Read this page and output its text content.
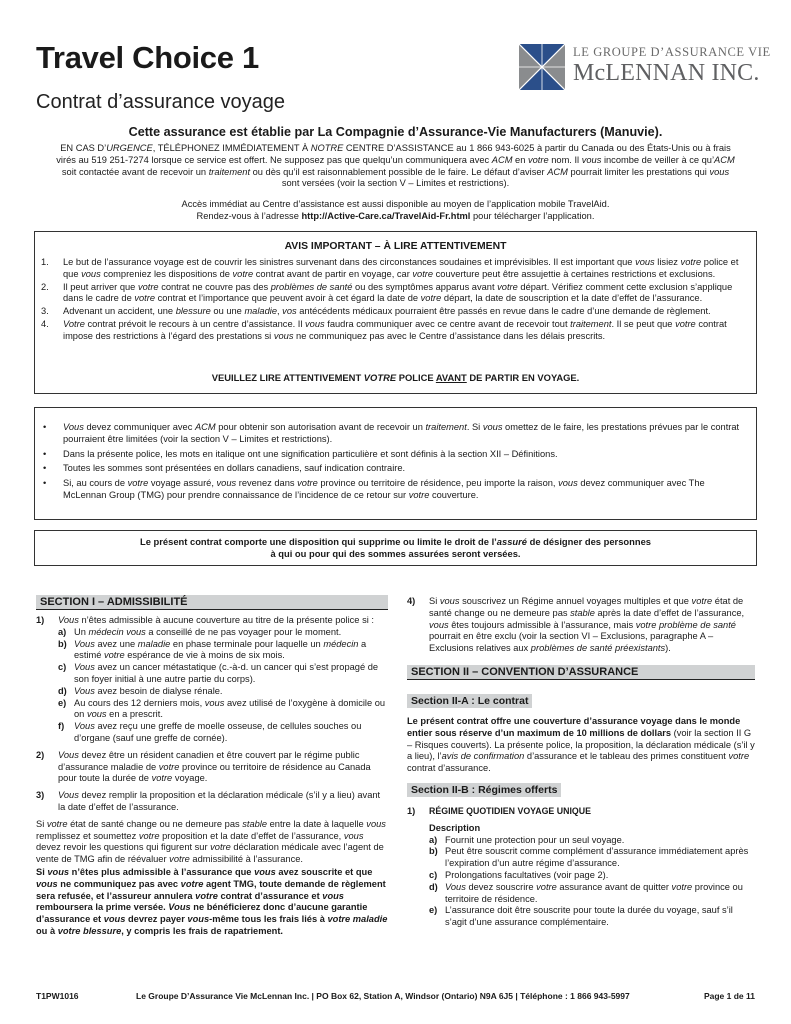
Travel Choice 1
Contrat d’assurance voyage
LE GROUPE D’ASSURANCE VIE
McLENNAN INC.
Cette assurance est établie par La Compagnie d’Assurance-Vie Manufacturers (Manuvie).
EN CAS D’URGENCE, TÉLÉPHONEZ IMMÉDIATEMENT À NOTRE CENTRE D’ASSISTANCE au 1 866 943-6025 à partir du Canada ou des États-Unis ou à frais virés au 519 251-7274 lorsque ce service est offert. Ne supposez pas que quelqu’un communiquera avec ACM en votre nom. Il vous incombe de veiller à ce qu’ACM soit contactée avant de recevoir un traitement ou dès qu’il est raisonnablement possible de le faire. Le défaut d’aviser ACM pourrait limiter les prestations qui vous sont versées (voir la section V – Limites et restrictions).
Accès immédiat au Centre d’assistance est aussi disponible au moyen de l’application mobile TravelAid.
Rendez-vous à l’adresse http://Active-Care.ca/TravelAid-Fr.html pour télécharger l’application.
AVIS IMPORTANT – À LIRE ATTENTIVEMENT
1. Le but de l’assurance voyage est de couvrir les sinistres survenant dans des circonstances soudaines et imprévisibles. Il est important que vous lisiez votre police et que vous compreniez les dispositions de votre contrat avant de partir en voyage, car votre couverture peut être assujettie à certaines restrictions et exclusions.
2. Il peut arriver que votre contrat ne couvre pas des problèmes de santé ou des symptômes apparus avant votre départ. Vérifiez comment cette exclusion s’applique dans le cadre de votre contrat et l’importance que peuvent avoir à cet égard la date de votre départ, la date de souscription et la date d’effet de l’assurance.
3. Advenant un accident, une blessure ou une maladie, vos antécédents médicaux pourraient être passés en revue dans le cadre d’une demande de règlement.
4. Votre contrat prévoit le recours à un centre d’assistance. Il vous faudra communiquer avec ce centre avant de recevoir tout traitement. Il se peut que votre contrat impose des restrictions à l’égard des prestations si vous ne communiquez pas avec le Centre d’assistance dans les délais prescrits.
VEUILLEZ LIRE ATTENTIVEMENT VOTRE POLICE AVANT DE PARTIR EN VOYAGE.
• Vous devez communiquer avec ACM pour obtenir son autorisation avant de recevoir un traitement. Si vous omettez de le faire, les prestations prévues par le contrat pourraient être limitées (voir la section V – Limites et restrictions).
• Dans la présente police, les mots en italique ont une signification particulière et sont définis à la section XII – Définitions.
• Toutes les sommes sont présentées en dollars canadiens, sauf indication contraire.
• Si, au cours de votre voyage assuré, vous revenez dans votre province ou territoire de résidence, peu importe la raison, vous devez communiquer avec The McLennan Group (TMG) pour prendre connaissance de l’incidence de ce retour sur votre couverture.
Le présent contrat comporte une disposition qui supprime ou limite le droit de l’assuré de désigner des personnes
à qui ou pour qui des sommes assurées seront versées.
SECTION I – ADMISSIBILITÉ
1) Vous n’êtes admissible à aucune couverture au titre de la présente police si :
a) Un médecin vous a conseillé de ne pas voyager pour le moment.
b) Vous avez une maladie en phase terminale pour laquelle un médecin a estimé votre espérance de vie à moins de six mois.
c) Vous avez un cancer métastatique (c.-à-d. un cancer qui s’est propagé de son foyer initial à une autre partie du corps).
d) Vous avez besoin de dialyse rénale.
e) Au cours des 12 derniers mois, vous avez utilisé de l’oxygène à domicile ou on vous en a prescrit.
f) Vous avez reçu une greffe de moelle osseuse, de cellules souches ou d’organe (sauf une greffe de cornée).
2) Vous devez être un résident canadien et être couvert par le régime public d’assurance maladie de votre province ou territoire de résidence au Canada pour toute la durée de votre voyage.
3) Vous devez remplir la proposition et la déclaration médicale (s’il y a lieu) avant la date d’effet de l’assurance.
Si votre état de santé change ou ne demeure pas stable entre la date à laquelle vous remplissez et soumettez votre proposition et la date d’effet de l’assurance, vous devez revoir les questions qui figurent sur votre déclaration médicale avec l’agent de vente de TMG afin de réévaluer votre admissibilité à l’assurance.
Si vous n’êtes plus admissible à l’assurance que vous avez souscrite et que vous ne communiquez pas avec votre agent TMG, toute demande de règlement sera refusée, et l’assureur annulera votre contrat d’assurance et vous remboursera la prime versée. Vous ne bénéficierez donc d’aucune garantie d’assurance et vous devrez payer vous-même tous les frais liés à votre maladie ou à votre blessure, y compris les frais de rapatriement.
4) Si vous souscrivez un Régime annuel voyages multiples et que votre état de santé change ou ne demeure pas stable après la date d’effet de l’assurance, vous êtes toujours admissible à l’assurance, mais votre problème de santé pourrait en être exclu (voir la section VI – Exclusions, paragraphe A – Exclusions relatives aux problèmes de santé préexistants).
SECTION II – CONVENTION D’ASSURANCE
Section II-A : Le contrat
Le présent contrat offre une couverture d’assurance voyage dans le monde entier sous réserve d’un maximum de 10 millions de dollars (voir la section II G – Risques couverts). La présente police, la proposition, la déclaration médicale (s’il y a lieu), l’avis de confirmation d’assurance et le tableau des primes constituent votre contrat d’assurance.
Section II-B : Régimes offerts
1) RÉGIME QUOTIDIEN VOYAGE UNIQUE
Description
a) Fournit une protection pour un seul voyage.
b) Peut être souscrit comme complément d’assurance immédiatement après l’expiration d’un autre régime d’assurance.
c) Prolongations facultatives (voir page 2).
d) Vous devez souscrire votre assurance avant de quitter votre province ou territoire de résidence.
e) L’assurance doit être souscrite pour toute la durée du voyage, sauf s’il s’agit d’une assurance complémentaire.
T1PW1016	Le Groupe D’Assurance Vie McLennan Inc. | PO Box 62, Station A, Windsor (Ontario) N9A 6J5 | Téléphone : 1 866 943-5997	Page 1 de 11
